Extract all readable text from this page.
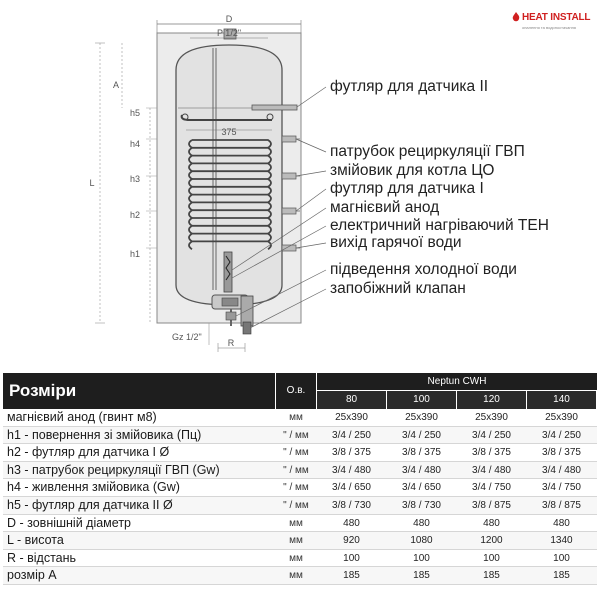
D
P 1/2"
375
L
A
h5
h4
h3
h2
h1
Gz 1/2"
R
футляр для датчика ІІ
патрубок рециркуляції ГВП
змійовик для котла ЦО
футляр для датчика І
магнієвий анод
електричний нагріваючий ТЕН
вихід гарячої води
підведення холодної води
запобіжний клапан
HEAT INSTALL
опалення та водопостачання
Розміри	О.в.
Neptun CWH
80	100	120	140
магнієвий анод (гвинт м8)	мм	25x390	25x390	25x390	25x390
h1 - повернення зі змійовика (Пц)	" / мм	3/4 / 250	3/4 / 250	3/4 / 250	3/4 / 250
h2 - футляр для датчика І Ø	" / мм	3/8 / 375	3/8 / 375	3/8 / 375	3/8 / 375
h3 - патрубок рециркуляції ГВП (Gw)	" / мм	3/4 / 480	3/4 / 480	3/4 / 480	3/4 / 480
h4 - живлення змійовика (Gw)	" / мм	3/4 / 650	3/4 / 650	3/4 / 750	3/4 / 750
h5 - футляр для датчика ІІ Ø	" / мм	3/8 / 730	3/8 / 730	3/8 / 875	3/8 / 875
D - зовнішній діаметр	мм	480	480	480	480
L - висота	мм	920	1080	1200	1340
R - відстань	мм	100	100	100	100
розмір А	мм	185	185	185	185
